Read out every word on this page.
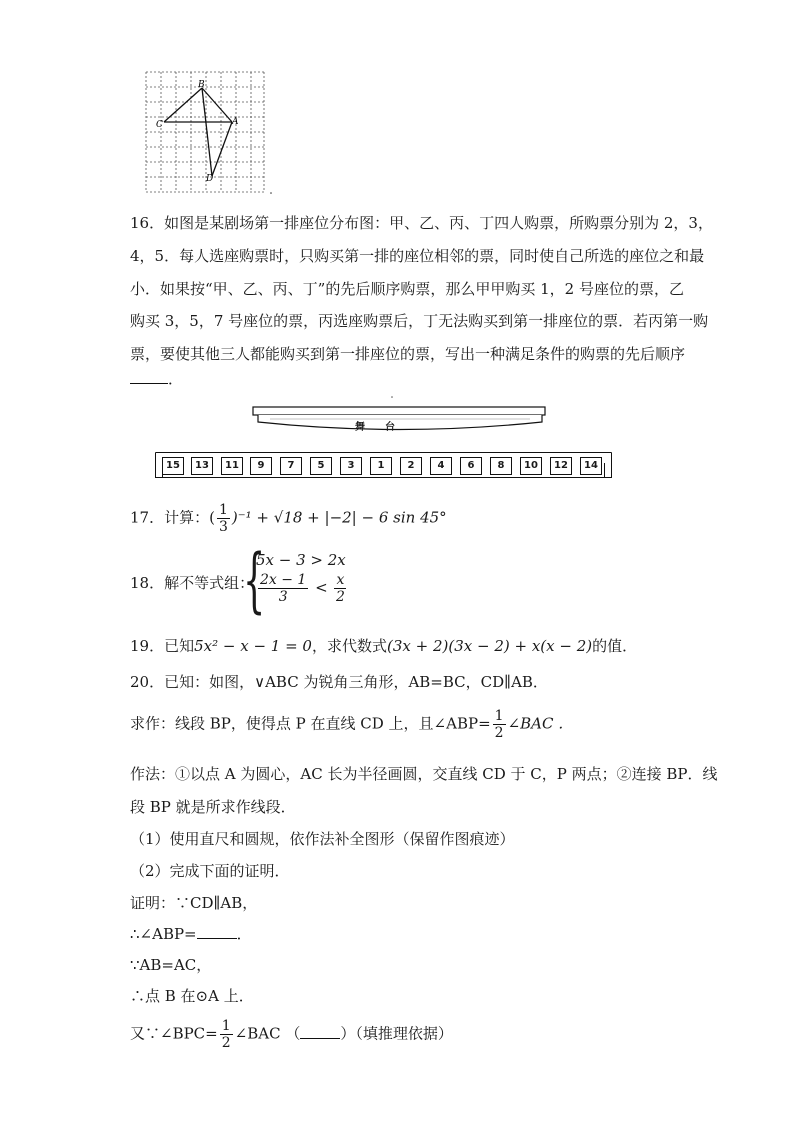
B
C	A
D
16．如图是某剧场第一排座位分布图：甲、乙、丙、丁四人购票，所购票分别为 2，3，
4，5．每人选座购票时，只购买第一排的座位相邻的票，同时使自己所选的座位之和最
小．如果按“甲、乙、丙、丁”的先后顺序购票，那么甲甲购买 1，2 号座位的票，乙
购买 3，5，7 号座位的票，丙选座购票后，丁无法购买到第一排座位的票．若丙第一购
票，要使其他三人都能购买到第一排座位的票，写出一种满足条件的购票的先后顺序
．
舞　　台
15	13	11	9	7	5	3	1	2	4	6	8	10	12	14
17．计算：( $\frac{1}{3} )^{-1} + √18 + |-2| - 6$ sin 45°
18．解不等式组：
{
5x − 3 > 2x
$\frac{2x - 1}{3} < \frac{x}{2}$
19．已知5x² − x − 1 = 0，求代数式(3x + 2)(3x − 2) + x(x − 2)的值．
20．已知：如图，∨ABC 为锐角三角形，AB=BC，CD∥AB．
求作：线段 BP，使得点 P 在直线 CD 上，且∠ABP= $\frac{1}{2}$ ∠BAC ．
作法：①以点 A 为圆心，AC 长为半径画圆，交直线 CD 于 C，P 两点；②连接 BP．线
段 BP 就是所求作线段．
（1）使用直尺和圆规，依作法补全图形（保留作图痕迹）
（2）完成下面的证明．
证明：∵CD∥AB，
∴∠ABP=	．
∵AB=AC，
∴点 B 在⊙A 上．
又∵∠BPC= $\frac{1}{2}$ ∠BAC （	）（填推理依据）
